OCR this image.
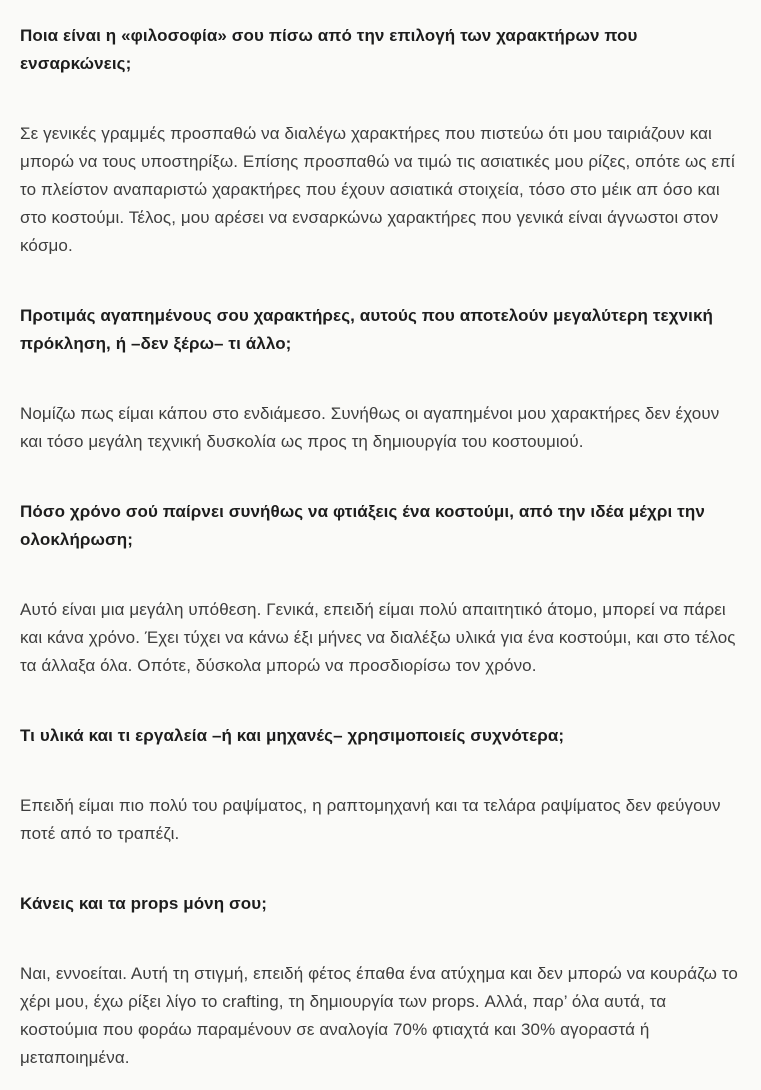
Ποια είναι η «φιλοσοφία» σου πίσω από την επιλογή των χαρακτήρων που ενσαρκώνεις;

Σε γενικές γραμμές προσπαθώ να διαλέγω χαρακτήρες που πιστεύω ότι μου ταιριάζουν και μπορώ να τους υποστηρίξω. Επίσης προσπαθώ να τιμώ τις ασιατικές μου ρίζες, οπότε ως επί το πλείστον αναπαριστώ χαρακτήρες που έχουν ασιατικά στοιχεία, τόσο στο μέικ απ όσο και στο κοστούμι. Τέλος, μου αρέσει να ενσαρκώνω χαρακτήρες που γενικά είναι άγνωστοι στον κόσμο.

Προτιμάς αγαπημένους σου χαρακτήρες, αυτούς που αποτελούν μεγαλύτερη τεχνική πρόκληση, ή –δεν ξέρω– τι άλλο;

Νομίζω πως είμαι κάπου στο ενδιάμεσο. Συνήθως οι αγαπημένοι μου χαρακτήρες δεν έχουν και τόσο μεγάλη τεχνική δυσκολία ως προς τη δημιουργία του κοστουμιού.

Πόσο χρόνο σού παίρνει συνήθως να φτιάξεις ένα κοστούμι, από την ιδέα μέχρι την ολοκλήρωση;

Αυτό είναι μια μεγάλη υπόθεση. Γενικά, επειδή είμαι πολύ απαιτητικό άτομο, μπορεί να πάρει και κάνα χρόνο. Έχει τύχει να κάνω έξι μήνες να διαλέξω υλικά για ένα κοστούμι, και στο τέλος τα άλλαξα όλα. Οπότε, δύσκολα μπορώ να προσδιορίσω τον χρόνο.

Τι υλικά και τι εργαλεία –ή και μηχανές– χρησιμοποιείς συχνότερα;

Επειδή είμαι πιο πολύ του ραψίματος, η ραπτομηχανή και τα τελάρα ραψίματος δεν φεύγουν ποτέ από το τραπέζι.

Κάνεις και τα props μόνη σου;

Ναι, εννοείται. Αυτή τη στιγμή, επειδή φέτος έπαθα ένα ατύχημα και δεν μπορώ να κουράζω το χέρι μου, έχω ρίξει λίγο το crafting, τη δημιουργία των props. Αλλά, παρ’ όλα αυτά, τα κοστούμια που φοράω παραμένουν σε αναλογία 70% φτιαχτά και 30% αγοραστά ή μεταποιημένα.
